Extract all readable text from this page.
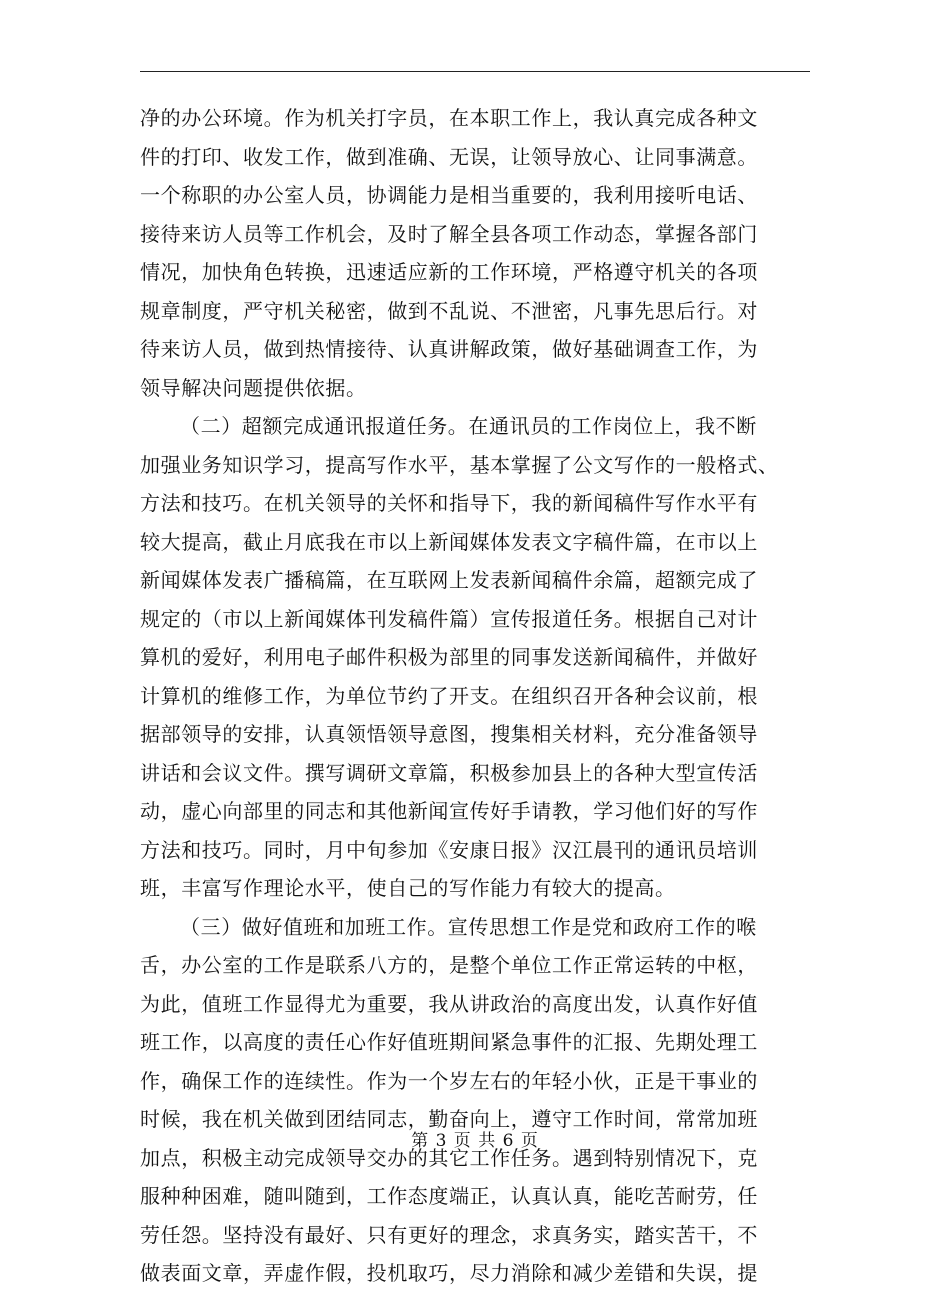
净的办公环境。作为机关打字员，在本职工作上，我认真完成各种文
件的打印、收发工作，做到准确、无误，让领导放心、让同事满意。
一个称职的办公室人员，协调能力是相当重要的，我利用接听电话、
接待来访人员等工作机会，及时了解全县各项工作动态，掌握各部门
情况，加快角色转换，迅速适应新的工作环境，严格遵守机关的各项
规章制度，严守机关秘密，做到不乱说、不泄密，凡事先思后行。对
待来访人员，做到热情接待、认真讲解政策，做好基础调查工作，为
领导解决问题提供依据。
（二）超额完成通讯报道任务。在通讯员的工作岗位上，我不断
加强业务知识学习，提高写作水平，基本掌握了公文写作的一般格式、
方法和技巧。在机关领导的关怀和指导下，我的新闻稿件写作水平有
较大提高，截止月底我在市以上新闻媒体发表文字稿件篇，在市以上
新闻媒体发表广播稿篇，在互联网上发表新闻稿件余篇，超额完成了
规定的（市以上新闻媒体刊发稿件篇）宣传报道任务。根据自己对计
算机的爱好，利用电子邮件积极为部里的同事发送新闻稿件，并做好
计算机的维修工作，为单位节约了开支。在组织召开各种会议前，根
据部领导的安排，认真领悟领导意图，搜集相关材料，充分准备领导
讲话和会议文件。撰写调研文章篇，积极参加县上的各种大型宣传活
动，虚心向部里的同志和其他新闻宣传好手请教，学习他们好的写作
方法和技巧。同时，月中旬参加《安康日报》汉江晨刊的通讯员培训
班，丰富写作理论水平，使自己的写作能力有较大的提高。
（三）做好值班和加班工作。宣传思想工作是党和政府工作的喉
舌，办公室的工作是联系八方的，是整个单位工作正常运转的中枢，
为此，值班工作显得尤为重要，我从讲政治的高度出发，认真作好值
班工作，以高度的责任心作好值班期间紧急事件的汇报、先期处理工
作，确保工作的连续性。作为一个岁左右的年轻小伙，正是干事业的
时候，我在机关做到团结同志，勤奋向上，遵守工作时间，常常加班
加点，积极主动完成领导交办的其它工作任务。遇到特别情况下，克
服种种困难，随叫随到，工作态度端正，认真认真，能吃苦耐劳，任
劳任怨。坚持没有最好、只有更好的理念，求真务实，踏实苦干，不
做表面文章，弄虚作假，投机取巧，尽力消除和减少差错和失误，提
第 3 页 共 6 页
